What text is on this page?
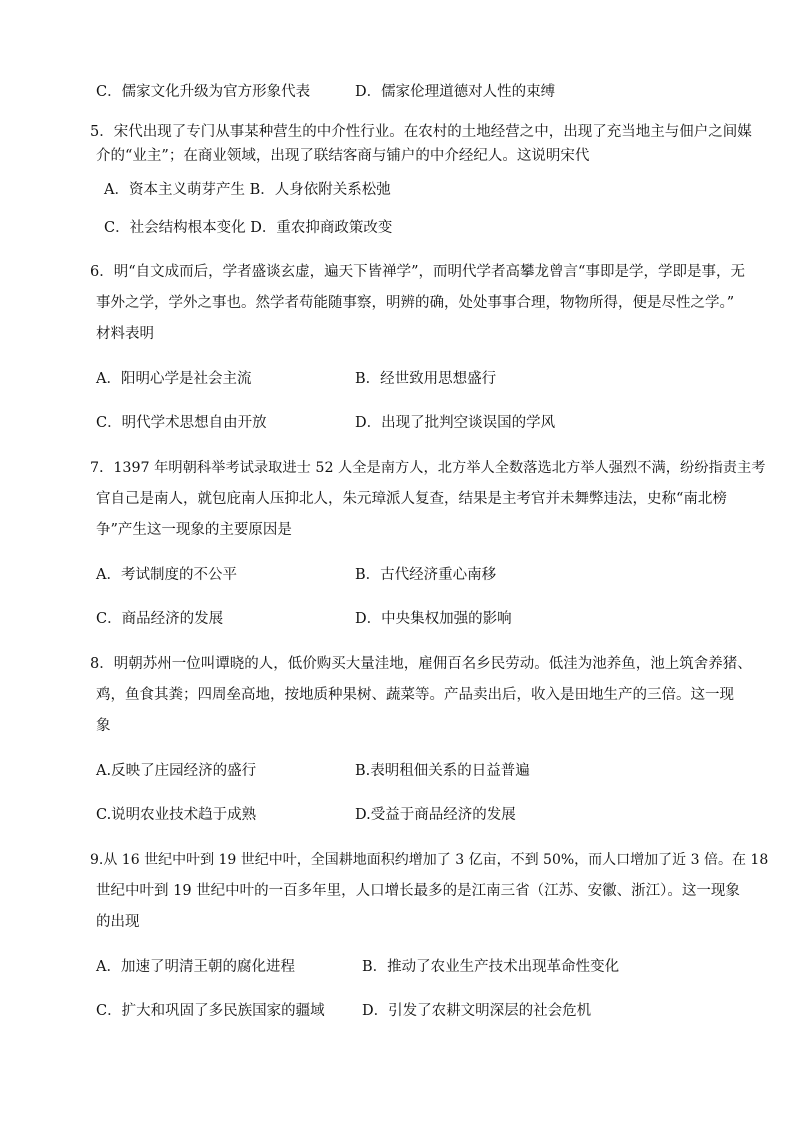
C．儒家文化升级为官方形象代表	D．儒家伦理道德对人性的束缚
5．宋代出现了专门从事某种营生的中介性行业。在农村的土地经营之中，出现了充当地主与佃户之间媒
介的“业主”；在商业领域，出现了联结客商与铺户的中介经纪人。这说明宋代
A．资本主义萌芽产生 B．人身依附关系松弛
C．社会结构根本变化 D．重农抑商政策改变
6．明“自文成而后，学者盛谈玄虚，遍天下皆禅学”，而明代学者高攀龙曾言“事即是学，学即是事，无
事外之学，学外之事也。然学者苟能随事察，明辨的确，处处事事合理，物物所得，便是尽性之学。”
材料表明
A．阳明心学是社会主流	B．经世致用思想盛行
C．明代学术思想自由开放	D．出现了批判空谈误国的学风
7．1397 年明朝科举考试录取进士 52 人全是南方人，北方举人全数落选北方举人强烈不满，纷纷指责主考
官自己是南人，就包庇南人压抑北人，朱元璋派人复查，结果是主考官并未舞弊违法，史称“南北榜
争”产生这一现象的主要原因是
A．考试制度的不公平	B．古代经济重心南移
C．商品经济的发展	D．中央集权加强的影响
8．明朝苏州一位叫谭晓的人，低价购买大量洼地，雇佣百名乡民劳动。低洼为池养鱼，池上筑舍养猪、
鸡，鱼食其粪；四周垒高地，按地质种果树、蔬菜等。产品卖出后，收入是田地生产的三倍。这一现
象
A.反映了庄园经济的盛行	B.表明租佃关系的日益普遍
C.说明农业技术趋于成熟	D.受益于商品经济的发展
9.从 16 世纪中叶到 19 世纪中叶，全国耕地面积约增加了 3 亿亩，不到 50%，而人口增加了近 3 倍。在 18
世纪中叶到 19 世纪中叶的一百多年里，人口增长最多的是江南三省（江苏、安徽、浙江）。这一现象
的出现
A．加速了明清王朝的腐化进程	B．推动了农业生产技术出现革命性变化
C．扩大和巩固了多民族国家的疆域	D．引发了农耕文明深层的社会危机
